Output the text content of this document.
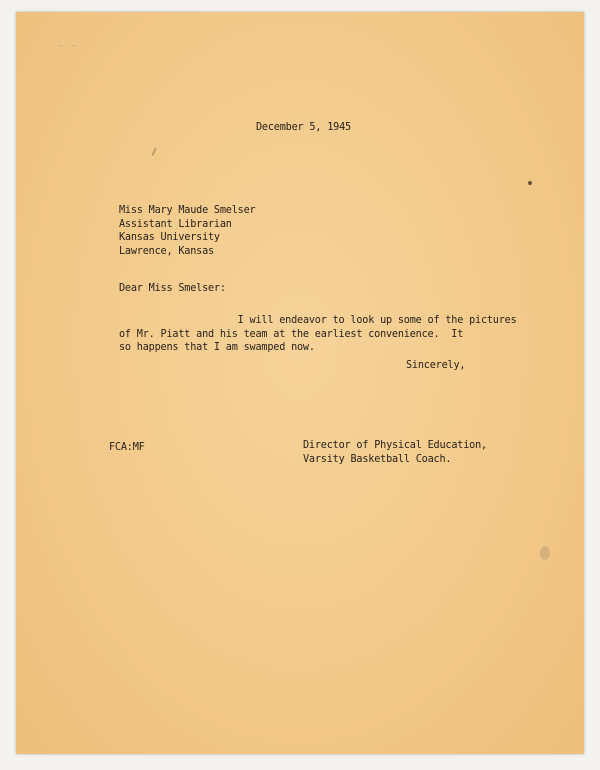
~ ~
December 5, 1945
Miss Mary Maude Smelser
Assistant Librarian
Kansas University
Lawrence, Kansas
Dear Miss Smelser:
I will endeavor to look up some of the pictures
of Mr. Piatt and his team at the earliest convenience.  It
so happens that I am swamped now.
Sincerely,
FCA:MF	Director of Physical Education,
Varsity Basketball Coach.
